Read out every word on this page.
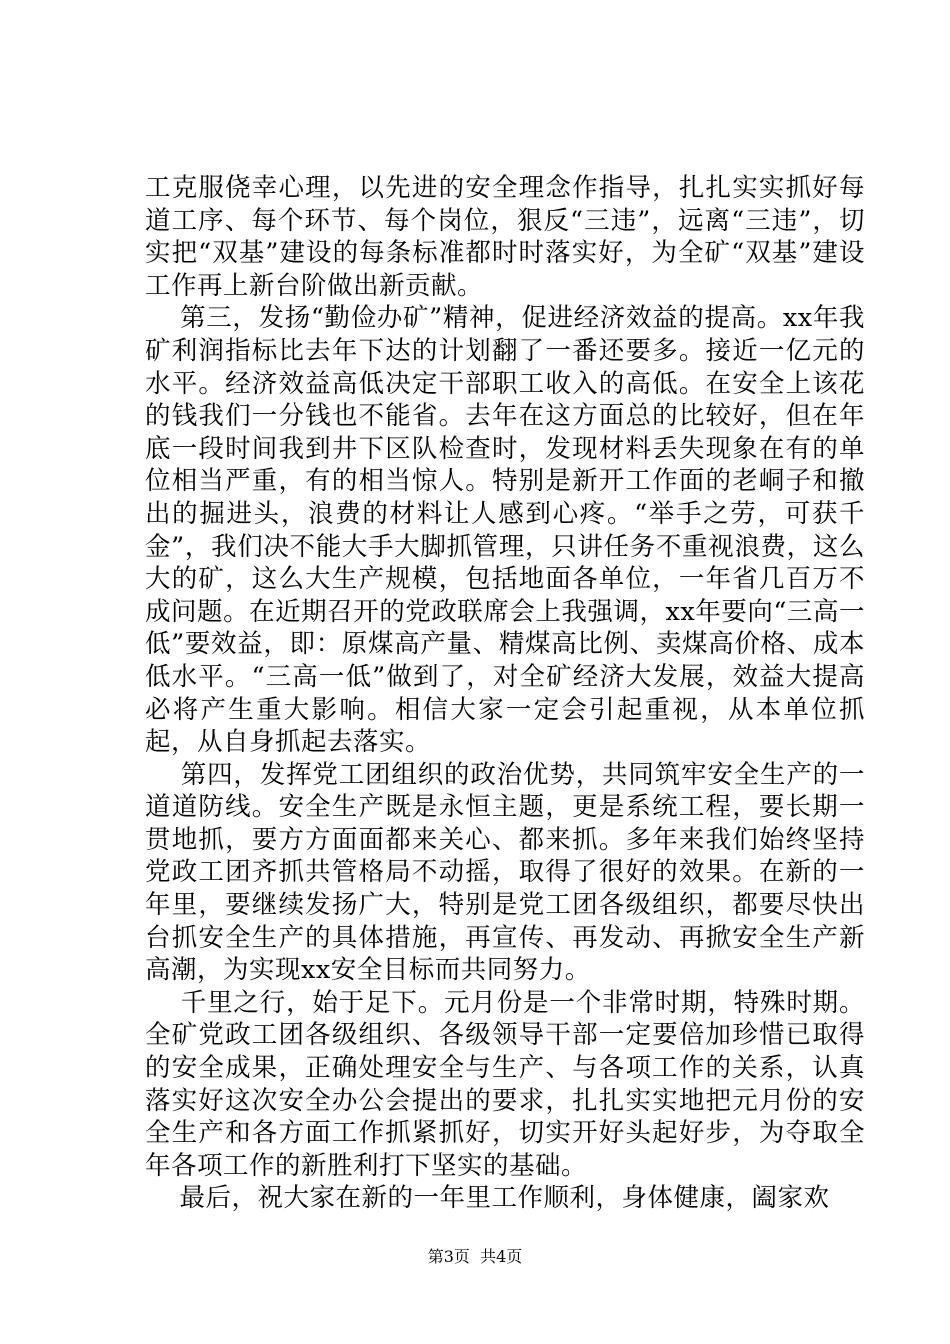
工克服侥幸心理，以先进的安全理念作指导，扎扎实实抓好每道工序、每个环节、每个岗位，狠反“三违”，远离“三违”，切实把“双基”建设的每条标准都时时落实好，为全矿“双基”建设工作再上新台阶做出新贡献。

第三，发扬“勤俭办矿”精神，促进经济效益的提高。xx年我矿利润指标比去年下达的计划翻了一番还要多。接近一亿元的水平。经济效益高低决定干部职工收入的高低。在安全上该花的钱我们一分钱也不能省。去年在这方面总的比较好，但在年底一段时间我到井下区队检查时，发现材料丢失现象在有的单位相当严重，有的相当惊人。特别是新开工作面的老峒子和撤出的掘进头，浪费的材料让人感到心疼。“举手之劳，可获千金”，我们决不能大手大脚抓管理，只讲任务不重视浪费，这么大的矿，这么大生产规模，包括地面各单位，一年省几百万不成问题。在近期召开的党政联席会上我强调，xx年要向“三高一低”要效益，即：原煤高产量、精煤高比例、卖煤高价格、成本低水平。“三高一低”做到了，对全矿经济大发展，效益大提高必将产生重大影响。相信大家一定会引起重视，从本单位抓起，从自身抓起去落实。

第四，发挥党工团组织的政治优势，共同筑牢安全生产的一道道防线。安全生产既是永恒主题，更是系统工程，要长期一贯地抓，要方方面面都来关心、都来抓。多年来我们始终坚持党政工团齐抓共管格局不动摇，取得了很好的效果。在新的一年里，要继续发扬广大，特别是党工团各级组织，都要尽快出台抓安全生产的具体措施，再宣传、再发动、再掀安全生产新高潮，为实现xx安全目标而共同努力。

千里之行，始于足下。元月份是一个非常时期，特殊时期。全矿党政工团各级组织、各级领导干部一定要倍加珍惜已取得的安全成果，正确处理安全与生产、与各项工作的关系，认真落实好这次安全办公会提出的要求，扎扎实实地把元月份的安全生产和各方面工作抓紧抓好，切实开好头起好步，为夺取全年各项工作的新胜利打下坚实的基础。

最后，祝大家在新的一年里工作顺利，身体健康，阖家欢

第3页  共4页
